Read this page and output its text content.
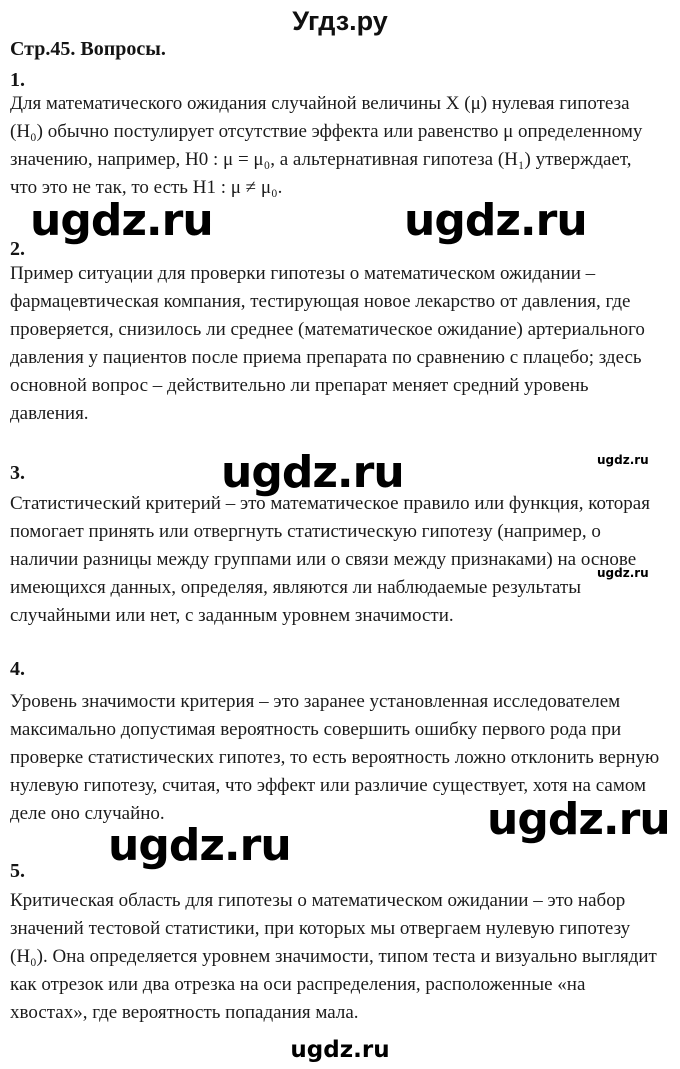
Угдз.ру
Стр.45. Вопросы.
1.
Для математического ожидания случайной величины X (μ) нулевая гипотеза
(H₀) обычно постулирует отсутствие эффекта или равенство μ определенному
значению, например, H0 : μ = μ₀, а альтернативная гипотеза (H₁) утверждает,
что это не так, то есть H1 : μ ≠ μ₀.
ugdz.ru	ugdz.ru
2.
Пример ситуации для проверки гипотезы о математическом ожидании –
фармацевтическая компания, тестирующая новое лекарство от давления, где
проверяется, снизилось ли среднее (математическое ожидание) артериального
давления у пациентов после приема препарата по сравнению с плацебо; здесь
основной вопрос – действительно ли препарат меняет средний уровень
давления.
3.	ugdz.ru	ugdz.ru
Статистический критерий – это математическое правило или функция, которая
помогает принять или отвергнуть статистическую гипотезу (например, о
наличии разницы между группами или о связи между признаками) на основе
имеющихся данных, определяя, являются ли наблюдаемые результаты
случайными или нет, с заданным уровнем значимости.
ugdz.ru
4.
Уровень значимости критерия – это заранее установленная исследователем
максимально допустимая вероятность совершить ошибку первого рода при
проверке статистических гипотез, то есть вероятность ложно отклонить верную
нулевую гипотезу, считая, что эффект или различие существует, хотя на самом
деле оно случайно.	ugdz.ru
ugdz.ru
5.
Критическая область для гипотезы о математическом ожидании – это набор
значений тестовой статистики, при которых мы отвергаем нулевую гипотезу
(H₀). Она определяется уровнем значимости, типом теста и визуально выглядит
как отрезок или два отрезка на оси распределения, расположенные «на
хвостах», где вероятность попадания мала.
ugdz.ru
